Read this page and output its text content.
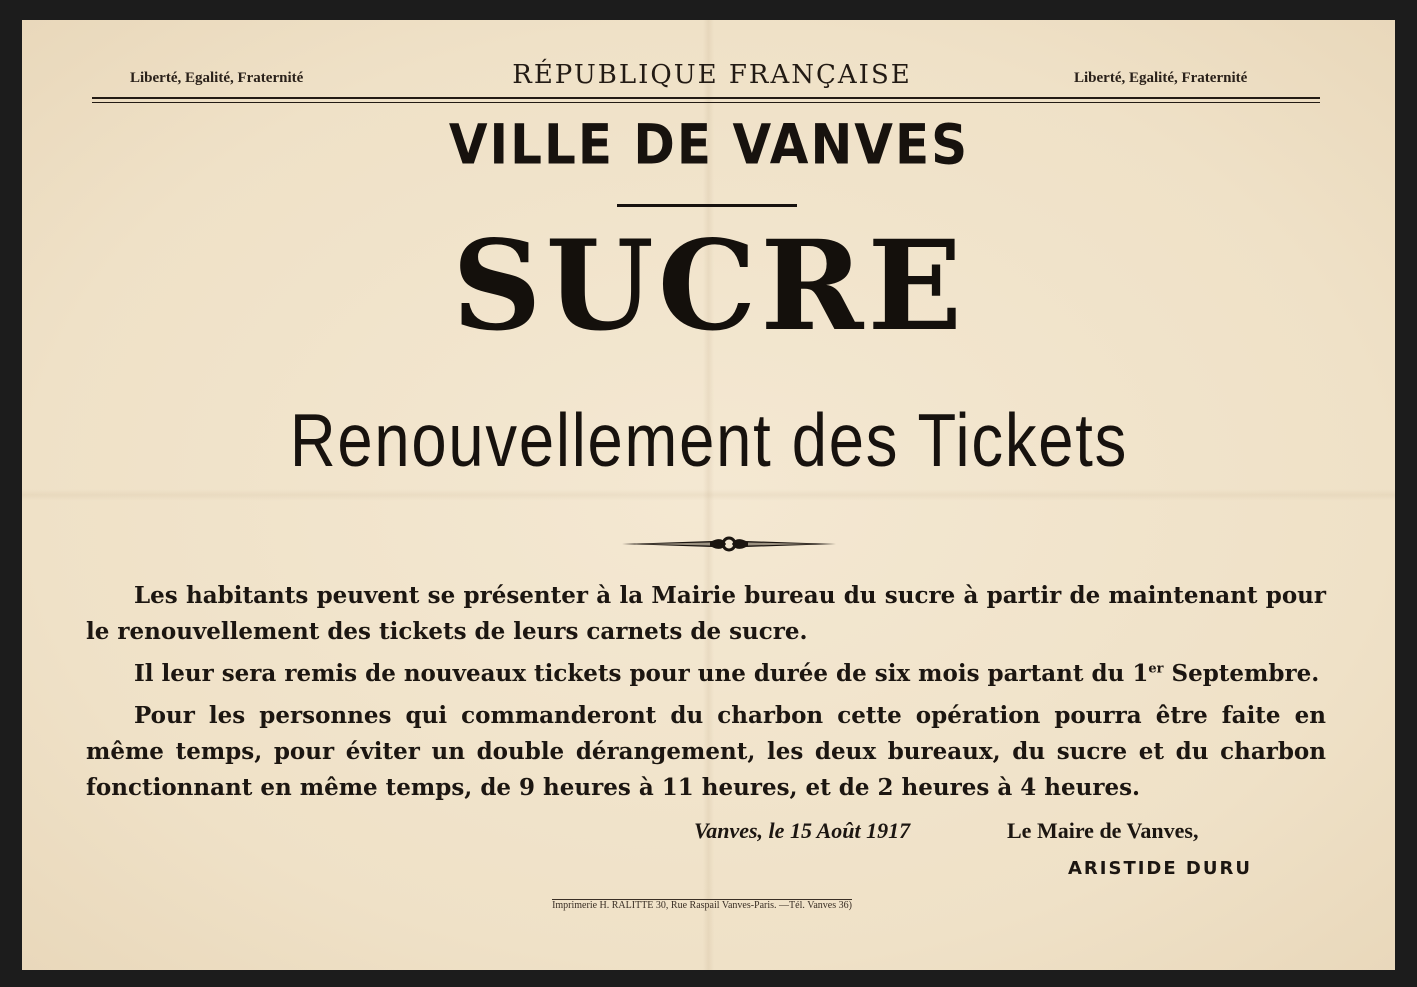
Liberté, Egalité, Fraternité	RÉPUBLIQUE FRANÇAISE	Liberté, Egalité, Fraternité
VILLE DE VANVES
SUCRE
Renouvellement des Tickets

Les habitants peuvent se présenter à la Mairie bureau du sucre à partir de maintenant pour le renouvellement des tickets de leurs carnets de sucre.

Il leur sera remis de nouveaux tickets pour une durée de six mois partant du 1er Septembre.

Pour les personnes qui commanderont du charbon cette opération pourra être faite en même temps, pour éviter un double dérangement, les deux bureaux, du sucre et du charbon fonctionnant en même temps, de 9 heures à 11 heures, et de 2 heures à 4 heures.

Vanves, le 15 Août 1917	Le Maire de Vanves,
ARISTIDE DURU
Imprimerie H. RALITTE 30, Rue Raspail Vanves-Paris. —Tél. Vanves 36)
